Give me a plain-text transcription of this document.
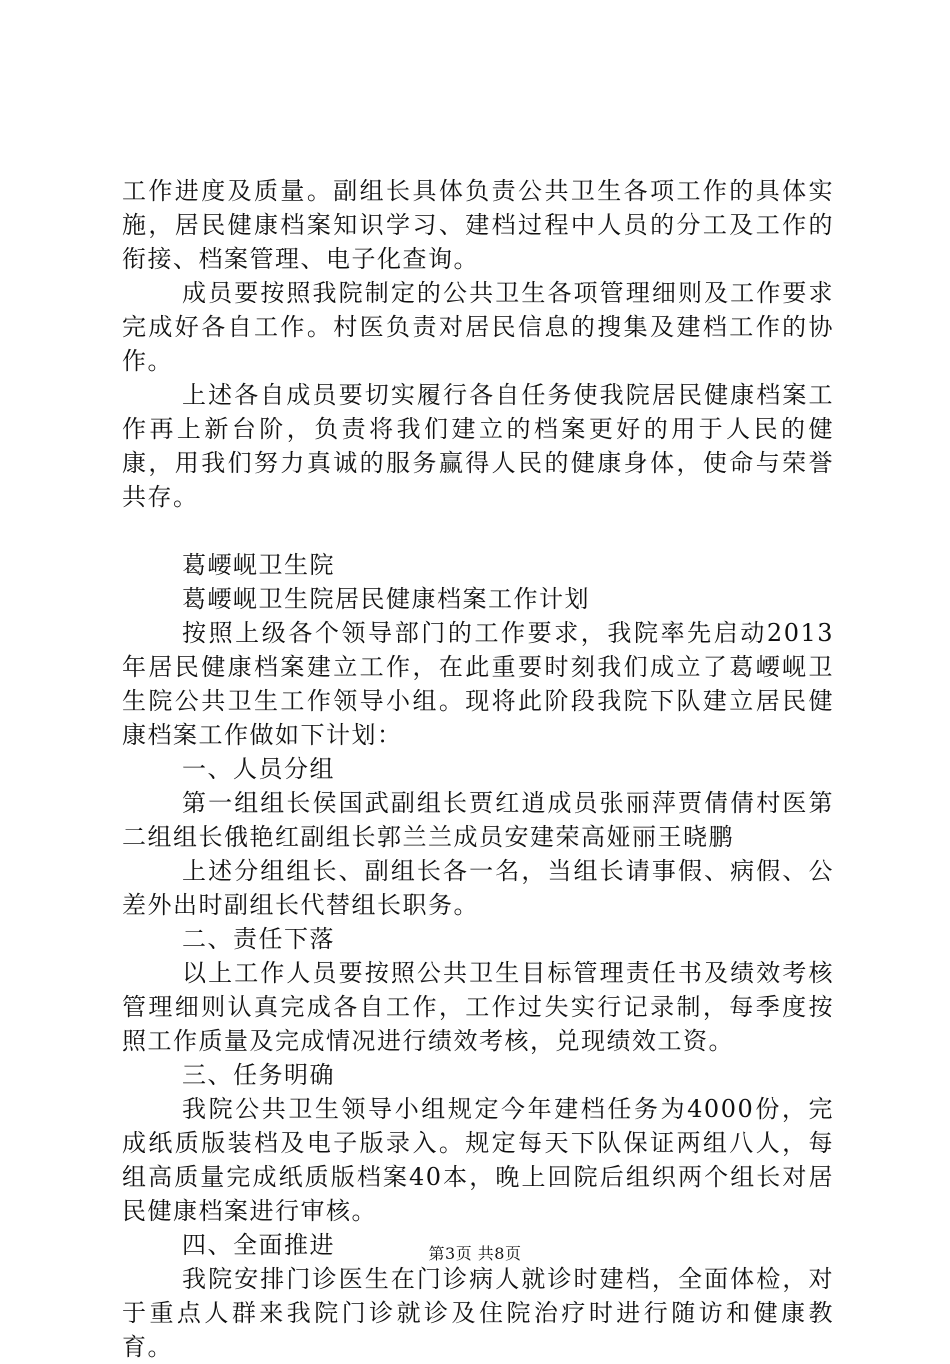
工作进度及质量。副组长具体负责公共卫生各项工作的具体实施，居民健康档案知识学习、建档过程中人员的分工及工作的衔接、档案管理、电子化查询。

成员要按照我院制定的公共卫生各项管理细则及工作要求完成好各自工作。村医负责对居民信息的搜集及建档工作的协作。

上述各自成员要切实履行各自任务使我院居民健康档案工作再上新台阶，负责将我们建立的档案更好的用于人民的健康，用我们努力真诚的服务赢得人民的健康身体，使命与荣誉共存。

葛崾岘卫生院

葛崾岘卫生院居民健康档案工作计划

按照上级各个领导部门的工作要求，我院率先启动2013年居民健康档案建立工作，在此重要时刻我们成立了葛崾岘卫生院公共卫生工作领导小组。现将此阶段我院下队建立居民健康档案工作做如下计划：

一、人员分组

第一组组长侯国武副组长贾红逍成员张丽萍贾倩倩村医第二组组长俄艳红副组长郭兰兰成员安建荣高娅丽王晓鹏

上述分组组长、副组长各一名，当组长请事假、病假、公差外出时副组长代替组长职务。

二、责任下落

以上工作人员要按照公共卫生目标管理责任书及绩效考核管理细则认真完成各自工作，工作过失实行记录制，每季度按照工作质量及完成情况进行绩效考核，兑现绩效工资。

三、任务明确

我院公共卫生领导小组规定今年建档任务为4000份，完成纸质版装档及电子版录入。规定每天下队保证两组八人，每组高质量完成纸质版档案40本，晚上回院后组织两个组长对居民健康档案进行审核。

四、全面推进

我院安排门诊医生在门诊病人就诊时建档，全面体检，对于重点人群来我院门诊就诊及住院治疗时进行随访和健康教育。

第3页 共8页
